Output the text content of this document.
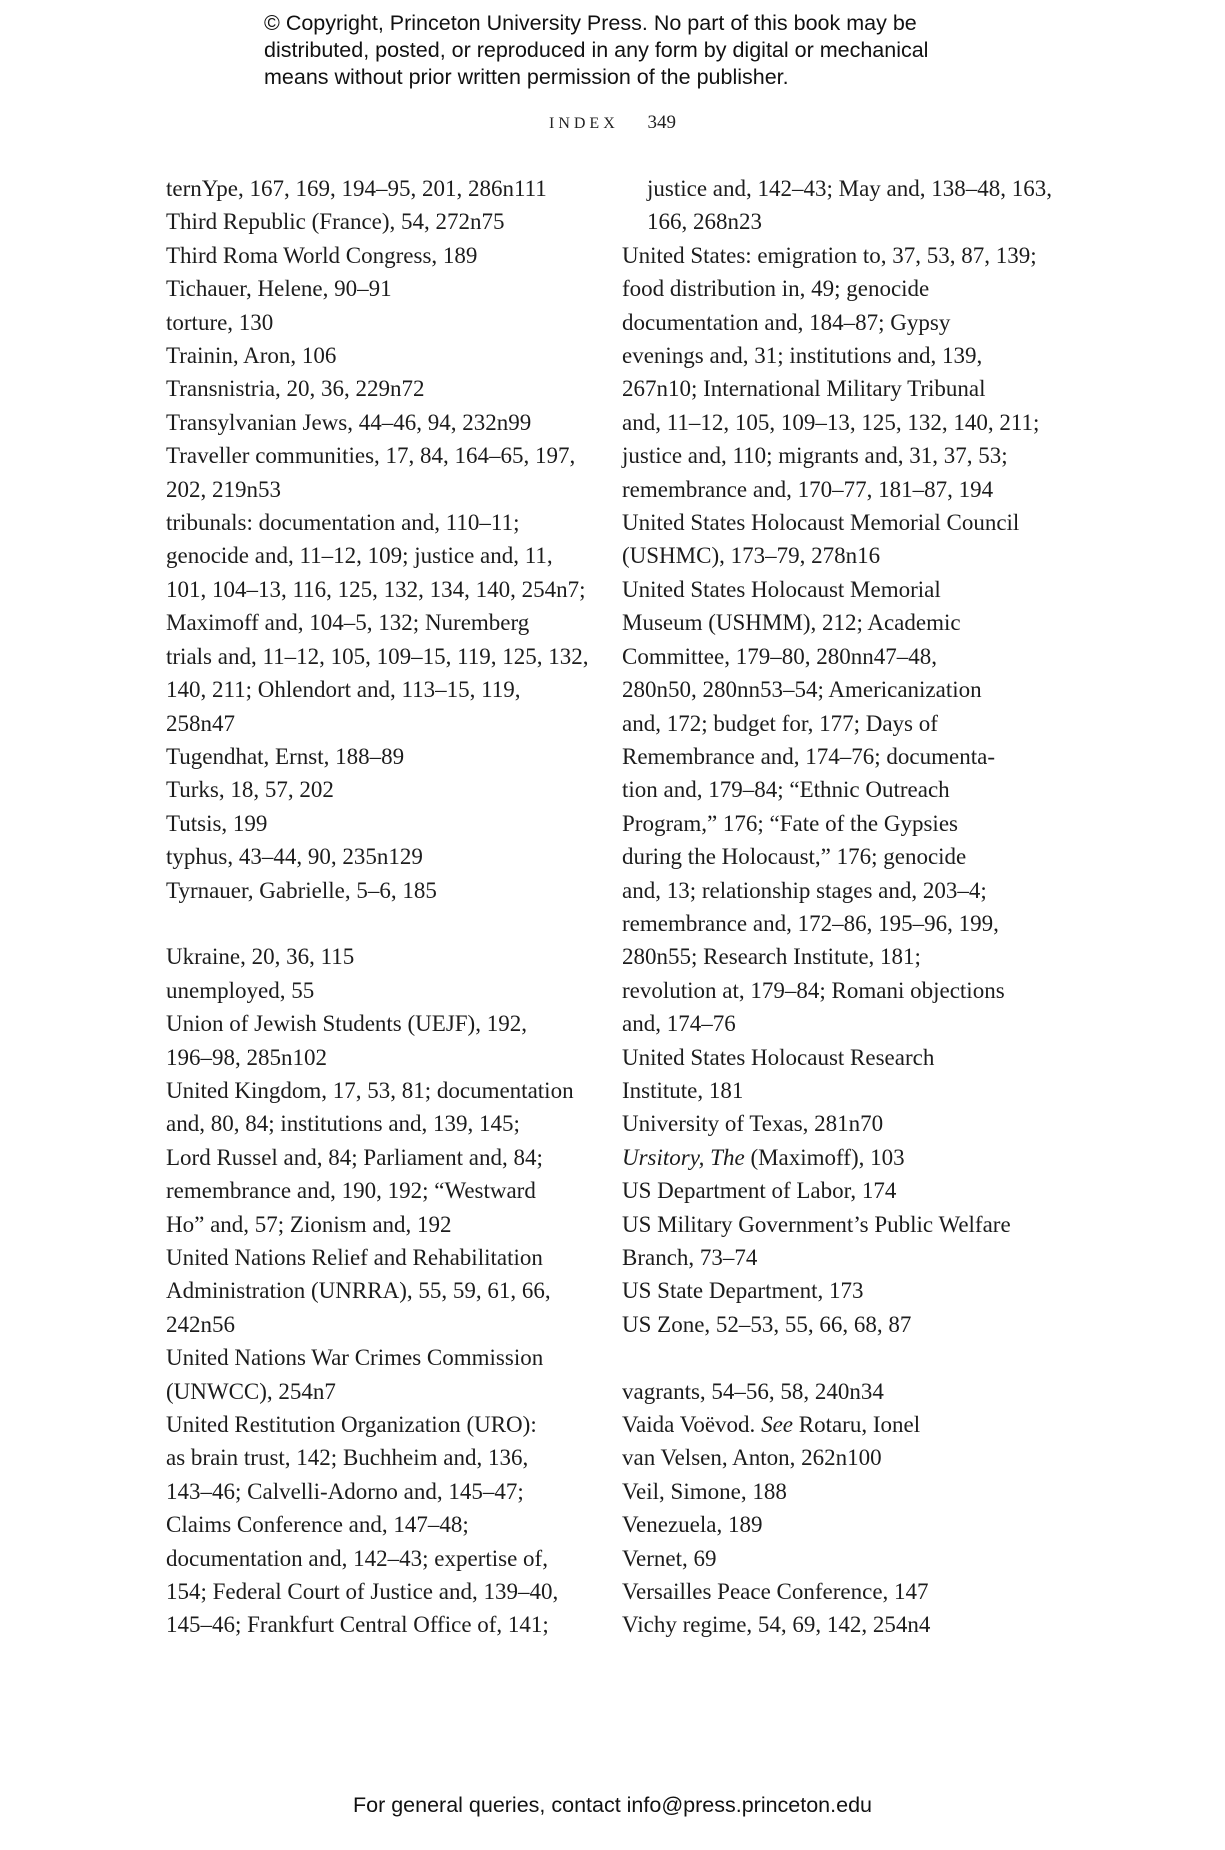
© Copyright, Princeton University Press. No part of this book may be
distributed, posted, or reproduced in any form by digital or mechanical
means without prior written permission of the publisher.
INDEX 349
ternYpe, 167, 169, 194–95, 201, 286n111
Third Republic (France), 54, 272n75
Third Roma World Congress, 189
Tichauer, Helene, 90–91
torture, 130
Trainin, Aron, 106
Transnistria, 20, 36, 229n72
Transylvanian Jews, 44–46, 94, 232n99
Traveller communities, 17, 84, 164–65, 197,
202, 219n53
tribunals: documentation and, 110–11;
genocide and, 11–12, 109; justice and, 11,
101, 104–13, 116, 125, 132, 134, 140, 254n7;
Maximoff and, 104–5, 132; Nuremberg
trials and, 11–12, 105, 109–15, 119, 125, 132,
140, 211; Ohlendort and, 113–15, 119,
258n47
Tugendhat, Ernst, 188–89
Turks, 18, 57, 202
Tutsis, 199
typhus, 43–44, 90, 235n129
Tyrnauer, Gabrielle, 5–6, 185
Ukraine, 20, 36, 115
unemployed, 55
Union of Jewish Students (UEJF), 192,
196–98, 285n102
United Kingdom, 17, 53, 81; documentation
and, 80, 84; institutions and, 139, 145;
Lord Russel and, 84; Parliament and, 84;
remembrance and, 190, 192; “Westward
Ho” and, 57; Zionism and, 192
United Nations Relief and Rehabilitation
Administration (UNRRA), 55, 59, 61, 66,
242n56
United Nations War Crimes Commission
(UNWCC), 254n7
United Restitution Organization (URO):
as brain trust, 142; Buchheim and, 136,
143–46; Calvelli-Adorno and, 145–47;
Claims Conference and, 147–48;
documentation and, 142–43; expertise of,
154; Federal Court of Justice and, 139–40,
145–46; Frankfurt Central Office of, 141;
justice and, 142–43; May and, 138–48, 163,
166, 268n23
United States: emigration to, 37, 53, 87, 139;
food distribution in, 49; genocide
documentation and, 184–87; Gypsy
evenings and, 31; institutions and, 139,
267n10; International Military Tribunal
and, 11–12, 105, 109–13, 125, 132, 140, 211;
justice and, 110; migrants and, 31, 37, 53;
remembrance and, 170–77, 181–87, 194
United States Holocaust Memorial Council
(USHMC), 173–79, 278n16
United States Holocaust Memorial
Museum (USHMM), 212; Academic
Committee, 179–80, 280nn47–48,
280n50, 280nn53–54; Americanization
and, 172; budget for, 177; Days of
Remembrance and, 174–76; documenta-
tion and, 179–84; “Ethnic Outreach
Program,” 176; “Fate of the Gypsies
during the Holocaust,” 176; genocide
and, 13; relationship stages and, 203–4;
remembrance and, 172–86, 195–96, 199,
280n55; Research Institute, 181;
revolution at, 179–84; Romani objections
and, 174–76
United States Holocaust Research
Institute, 181
University of Texas, 281n70
Ursitory, The (Maximoff), 103
US Department of Labor, 174
US Military Government’s Public Welfare
Branch, 73–74
US State Department, 173
US Zone, 52–53, 55, 66, 68, 87
vagrants, 54–56, 58, 240n34
Vaida Voëvod. See Rotaru, Ionel
van Velsen, Anton, 262n100
Veil, Simone, 188
Venezuela, 189
Vernet, 69
Versailles Peace Conference, 147
Vichy regime, 54, 69, 142, 254n4
For general queries, contact info@press.princeton.edu
